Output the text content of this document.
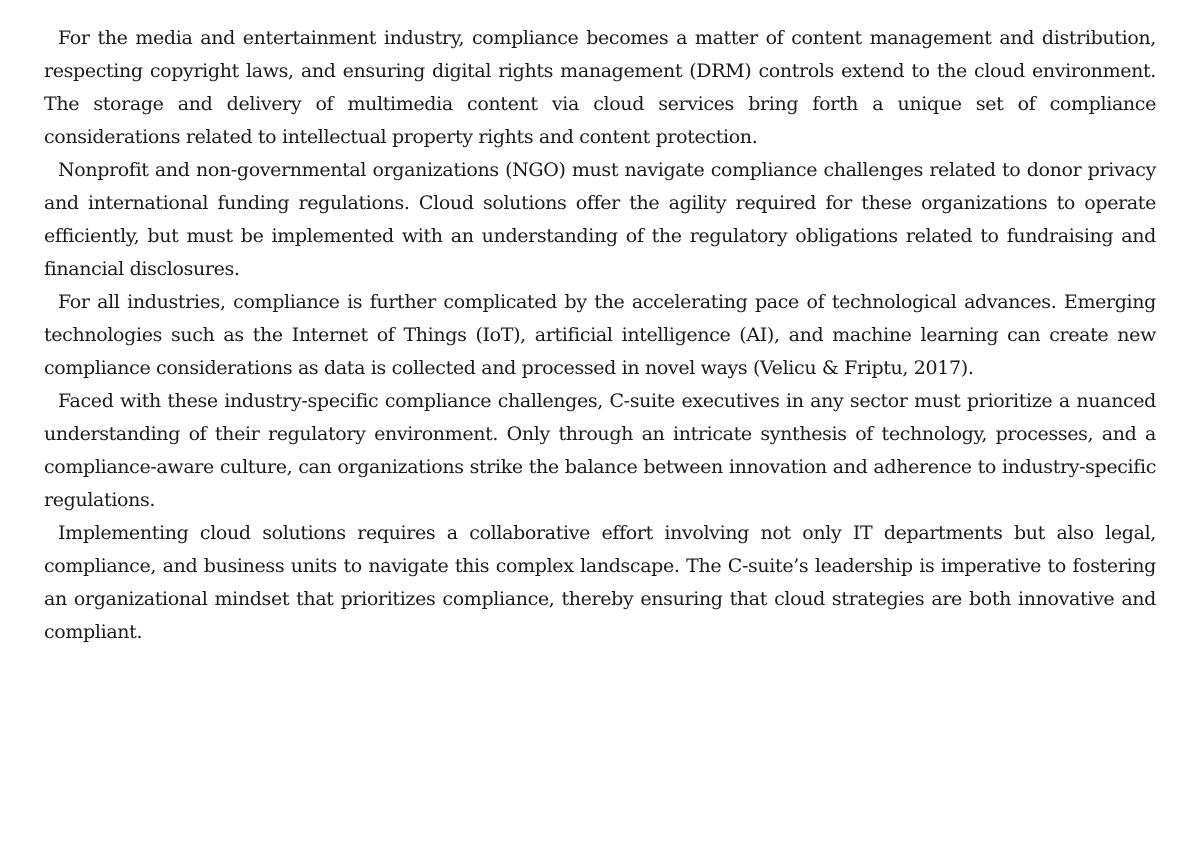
For the media and entertainment industry, compliance becomes a matter of content management and distribution, respecting copyright laws, and ensuring digital rights management (DRM) controls extend to the cloud environment. The storage and delivery of multimedia content via cloud services bring forth a unique set of compliance considerations related to intellectual property rights and content protection.

Nonprofit and non-governmental organizations (NGO) must navigate compliance challenges related to donor privacy and international funding regulations. Cloud solutions offer the agility required for these organizations to operate efficiently, but must be implemented with an understanding of the regulatory obligations related to fundraising and financial disclosures.

For all industries, compliance is further complicated by the accelerating pace of technological advances. Emerging technologies such as the Internet of Things (IoT), artificial intelligence (AI), and machine learning can create new compliance considerations as data is collected and processed in novel ways (Velicu & Friptu, 2017).

Faced with these industry-specific compliance challenges, C-suite executives in any sector must prioritize a nuanced understanding of their regulatory environment. Only through an intricate synthesis of technology, processes, and a compliance-aware culture, can organizations strike the balance between innovation and adherence to industry-specific regulations.

Implementing cloud solutions requires a collaborative effort involving not only IT departments but also legal, compliance, and business units to navigate this complex landscape. The C-suite’s leadership is imperative to fostering an organizational mindset that prioritizes compliance, thereby ensuring that cloud strategies are both innovative and compliant.
